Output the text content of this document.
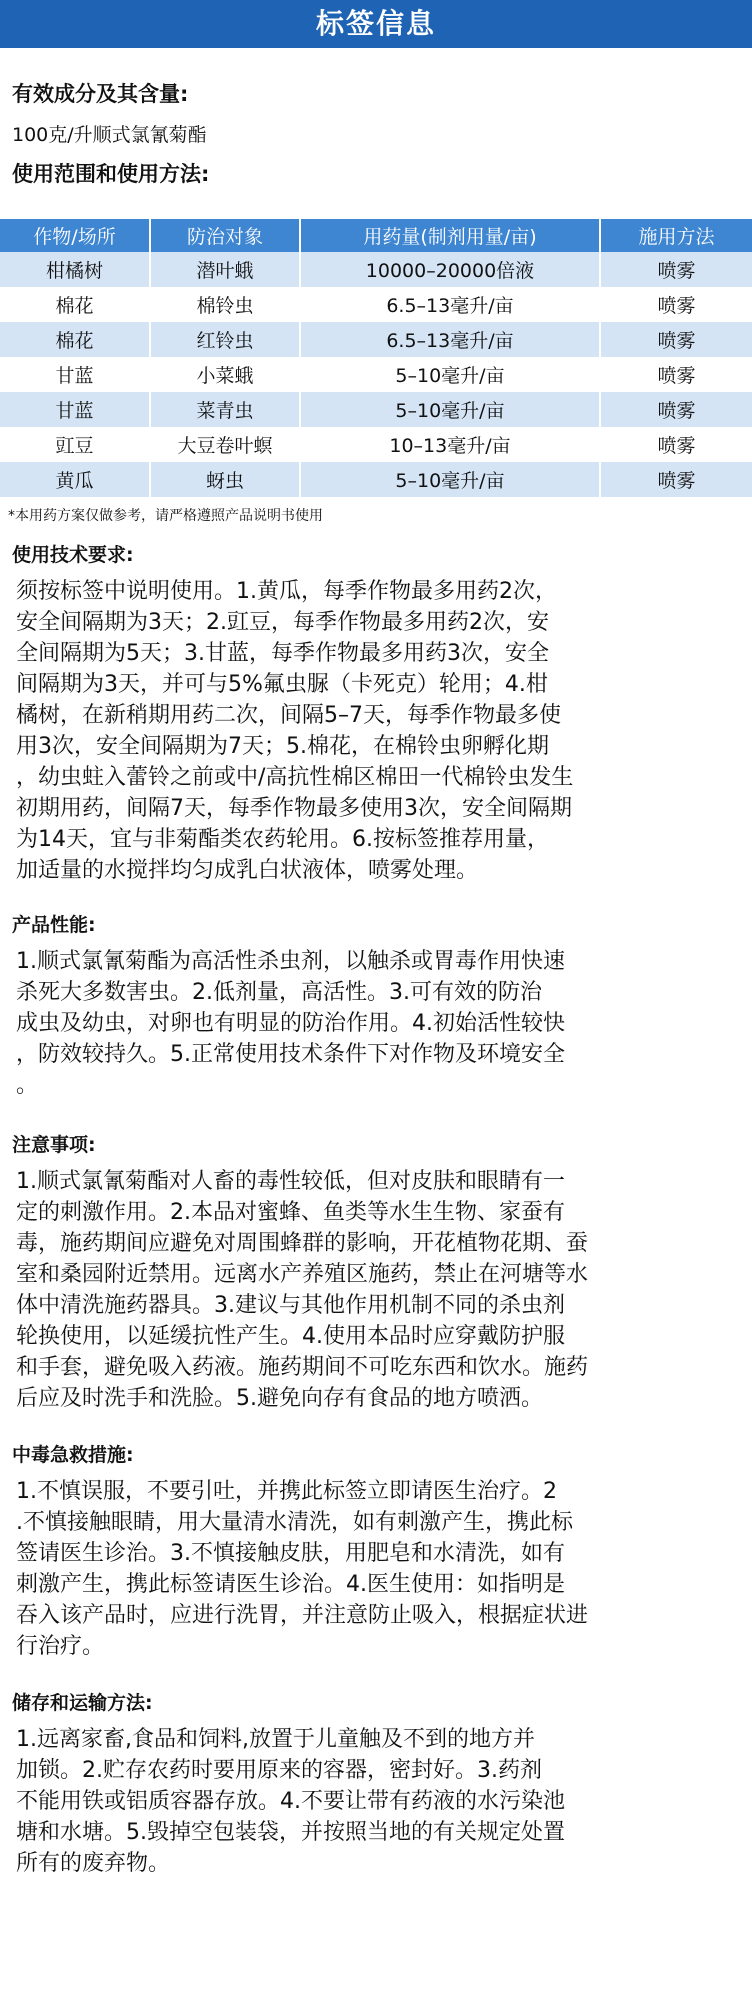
标签信息
有效成分及其含量:
100克/升顺式氯氰菊酯
使用范围和使用方法:
作物/场所	防治对象	用药量(制剂用量/亩)	施用方法
柑橘树	潜叶蛾	10000–20000倍液	喷雾
棉花	棉铃虫	6.5–13毫升/亩	喷雾
棉花	红铃虫	6.5–13毫升/亩	喷雾
甘蓝	小菜蛾	5–10毫升/亩	喷雾
甘蓝	菜青虫	5–10毫升/亩	喷雾
豇豆	大豆卷叶螟	10–13毫升/亩	喷雾
黄瓜	蚜虫	5–10毫升/亩	喷雾
*本用药方案仅做参考，请严格遵照产品说明书使用
使用技术要求:
须按标签中说明使用。1.黄瓜，每季作物最多用药2次，
安全间隔期为3天；2.豇豆，每季作物最多用药2次，安
全间隔期为5天；3.甘蓝，每季作物最多用药3次，安全
间隔期为3天，并可与5%氟虫脲（卡死克）轮用；4.柑
橘树，在新稍期用药二次，间隔5–7天，每季作物最多使
用3次，安全间隔期为7天；5.棉花，在棉铃虫卵孵化期
，幼虫蛀入蕾铃之前或中/高抗性棉区棉田一代棉铃虫发生
初期用药，间隔7天，每季作物最多使用3次，安全间隔期
为14天，宜与非菊酯类农药轮用。6.按标签推荐用量，
加适量的水搅拌均匀成乳白状液体，喷雾处理。
产品性能:
1.顺式氯氰菊酯为高活性杀虫剂，以触杀或胃毒作用快速
杀死大多数害虫。2.低剂量，高活性。3.可有效的防治
成虫及幼虫，对卵也有明显的防治作用。4.初始活性较快
，防效较持久。5.正常使用技术条件下对作物及环境安全
。
注意事项:
1.顺式氯氰菊酯对人畜的毒性较低，但对皮肤和眼睛有一
定的刺激作用。2.本品对蜜蜂、鱼类等水生生物、家蚕有
毒，施药期间应避免对周围蜂群的影响，开花植物花期、蚕
室和桑园附近禁用。远离水产养殖区施药，禁止在河塘等水
体中清洗施药器具。3.建议与其他作用机制不同的杀虫剂
轮换使用，以延缓抗性产生。4.使用本品时应穿戴防护服
和手套，避免吸入药液。施药期间不可吃东西和饮水。施药
后应及时洗手和洗脸。5.避免向存有食品的地方喷洒。
中毒急救措施:
1.不慎误服，不要引吐，并携此标签立即请医生治疗。2
.不慎接触眼睛，用大量清水清洗，如有刺激产生，携此标
签请医生诊治。3.不慎接触皮肤，用肥皂和水清洗，如有
刺激产生，携此标签请医生诊治。4.医生使用：如指明是
吞入该产品时，应进行洗胃，并注意防止吸入，根据症状进
行治疗。
储存和运输方法:
1.远离家畜,食品和饲料,放置于儿童触及不到的地方并
加锁。2.贮存农药时要用原来的容器，密封好。3.药剂
不能用铁或铝质容器存放。4.不要让带有药液的水污染池
塘和水塘。5.毁掉空包装袋，并按照当地的有关规定处置
所有的废弃物。
